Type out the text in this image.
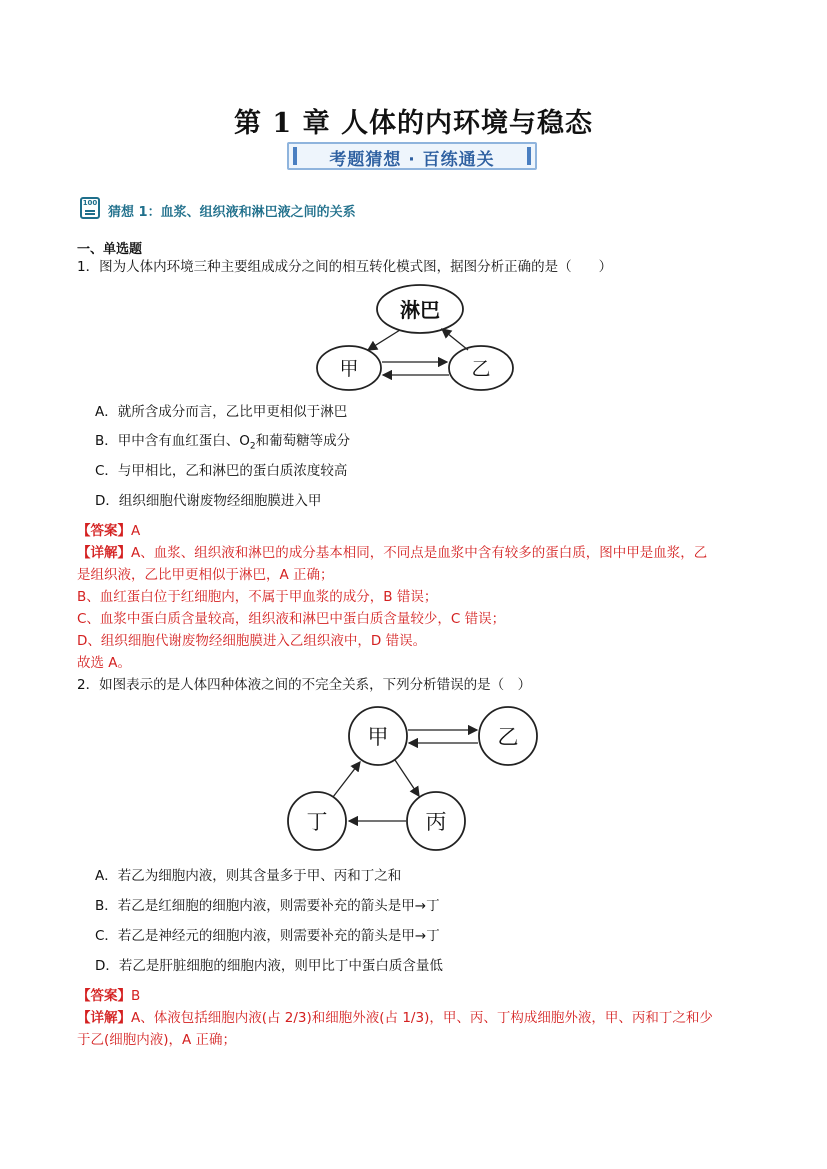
第 1 章 人体的内环境与稳态
考题猜想 · 百练通关
100
猜想 1：血浆、组织液和淋巴液之间的关系
一、单选题
1．图为人体内环境三种主要组成成分之间的相互转化模式图，据图分析正确的是（　　）
淋巴
甲	乙
A．就所含成分而言，乙比甲更相似于淋巴
B．甲中含有血红蛋白、$O_2$和葡萄糖等成分
C．与甲相比，乙和淋巴的蛋白质浓度较高
D．组织细胞代谢废物经细胞膜进入甲
【答案】A
【详解】A、血浆、组织液和淋巴的成分基本相同，不同点是血浆中含有较多的蛋白质，图中甲是血浆，乙
是组织液，乙比甲更相似于淋巴，A 正确；
B、血红蛋白位于红细胞内，不属于甲血浆的成分，B 错误；
C、血浆中蛋白质含量较高，组织液和淋巴中蛋白质含量较少，C 错误；
D、组织细胞代谢废物经细胞膜进入乙组织液中，D 错误。
故选 A。
2．如图表示的是人体四种体液之间的不完全关系，下列分析错误的是（　）
甲	乙
丁	丙
A．若乙为细胞内液，则其含量多于甲、丙和丁之和
B．若乙是红细胞的细胞内液，则需要补充的箭头是甲→丁
C．若乙是神经元的细胞内液，则需要补充的箭头是甲→丁
D．若乙是肝脏细胞的细胞内液，则甲比丁中蛋白质含量低
【答案】B
【详解】A、体液包括细胞内液(占 2/3)和细胞外液(占 1/3)，甲、丙、丁构成细胞外液，甲、丙和丁之和少
于乙(细胞内液)，A 正确；
